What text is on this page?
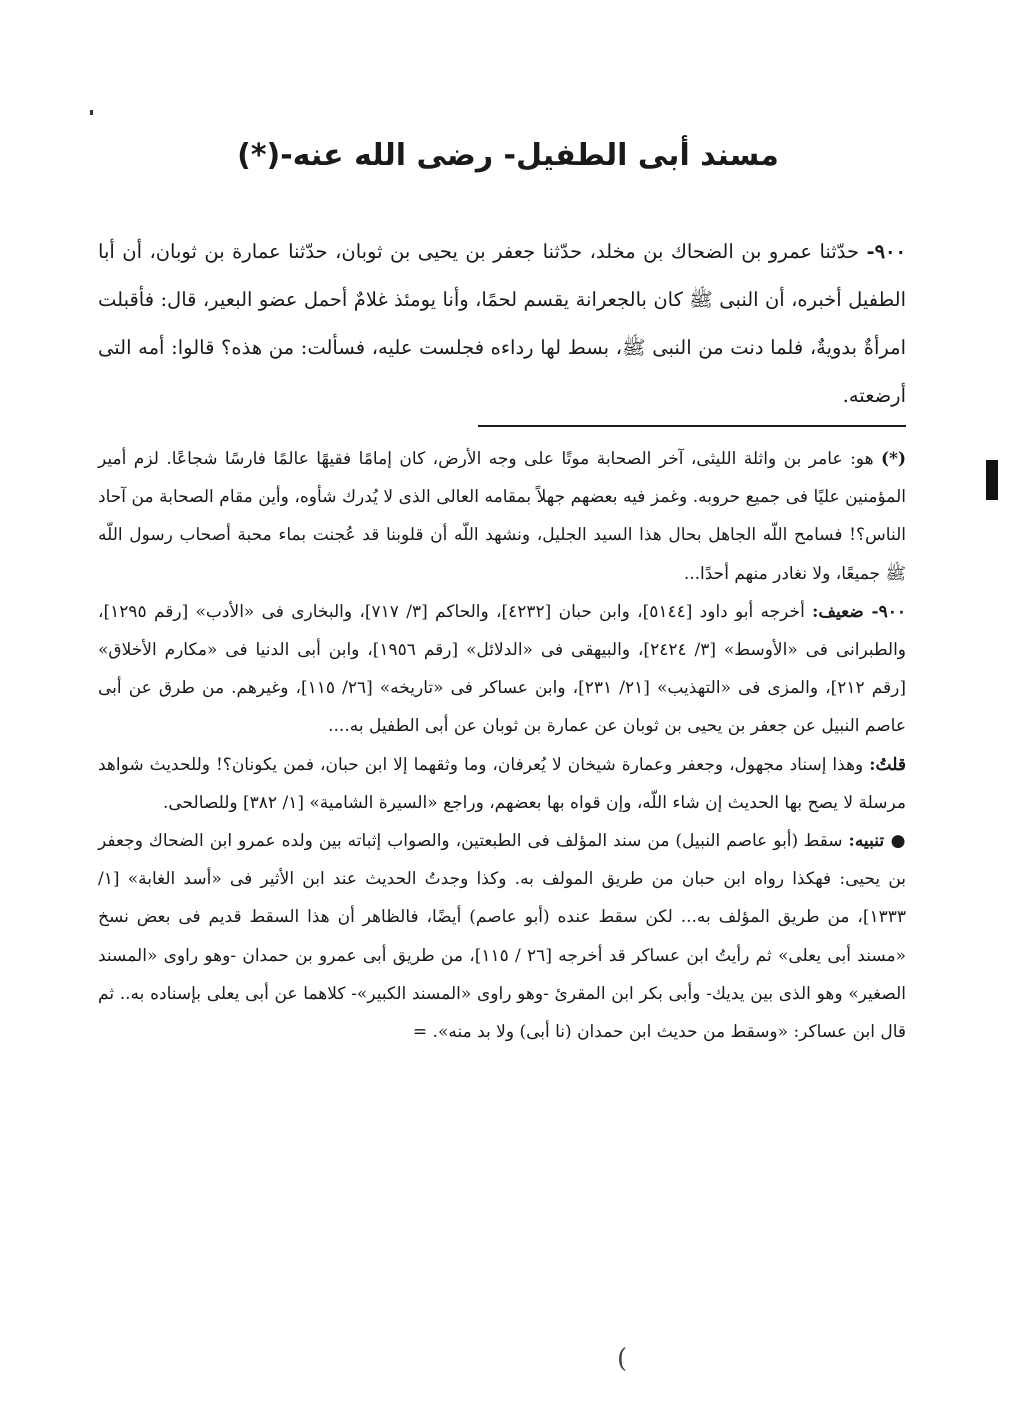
مسند أبى الطفيل- رضى الله عنه-(*)
٩٠٠- حدّثنا عمرو بن الضحاك بن مخلد، حدّثنا جعفر بن يحيى بن ثوبان، حدّثنا عمارة بن ثوبان، أن أبا الطفيل أخبره، أن النبى ﷺ كان بالجعرانة يقسم لحمًا، وأنا يومئذ غلامٌ أحمل عضو البعير، قال: فأقبلت امرأةٌ بدويةٌ، فلما دنت من النبى ﷺ، بسط لها رداءه فجلست عليه، فسألت: من هذه؟ قالوا: أمه التى أرضعته.

(*) هو: عامر بن واثلة الليثى، آخر الصحابة موتًا على وجه الأرض، كان إمامًا فقيهًا عالمًا فارسًا شجاعًا. لزم أمير المؤمنين عليًا فى جميع حروبه. وغمز فيه بعضهم جهلاً بمقامه العالى الذى لا يُدرك شأوه، وأين مقام الصحابة من آحاد الناس؟! فسامح اللّه الجاهل بحال هذا السيد الجليل، ونشهد اللّه أن قلوبنا قد عُجنت بماء محبة أصحاب رسول اللّه ﷺ جميعًا، ولا نغادر منهم أحدًا...

٩٠٠- ضعيف: أخرجه أبو داود [٥١٤٤]، وابن حبان [٤٢٣٢]، والحاكم [٣/ ٧١٧]، والبخارى فى «الأدب» [رقم ١٢٩٥]، والطبرانى فى «الأوسط» [٣/ ٢٤٢٤]، والبيهقى فى «الدلائل» [رقم ١٩٥٦]، وابن أبى الدنيا فى «مكارم الأخلاق» [رقم ٢١٢]، والمزى فى «التهذيب» [٢١/ ٢٣١]، وابن عساكر فى «تاريخه» [٢٦/ ١١٥]، وغيرهم. من طرق عن أبى عاصم النبيل عن جعفر بن يحيى بن ثوبان عن عمارة بن ثوبان عن أبى الطفيل به....

قلتُ: وهذا إسناد مجهول، وجعفر وعمارة شيخان لا يُعرفان، وما وثقهما إلا ابن حبان، فمن يكونان؟! وللحديث شواهد مرسلة لا يصح بها الحديث إن شاء اللّه، وإن قواه بها بعضهم، وراجع «السيرة الشامية» [١/ ٣٨٢] وللصالحى.

● تنبيه: سقط (أبو عاصم النبيل) من سند المؤلف فى الطبعتين، والصواب إثباته بين ولده عمرو ابن الضحاك وجعفر بن يحيى: فهكذا رواه ابن حبان من طريق المولف به. وكذا وجدتُ الحديث عند ابن الأثير فى «أسد الغابة» [١/ ١٣٣٣]، من طريق المؤلف به... لكن سقط عنده (أبو عاصم) أيضًا، فالظاهر أن هذا السقط قديم فى بعض نسخ «مسند أبى يعلى» ثم رأيتُ ابن عساكر قد أخرجه [٢٦ / ١١٥]، من طريق أبى عمرو بن حمدان -وهو راوى «المسند الصغير» وهو الذى بين يديك- وأبى بكر ابن المقرئ -وهو راوى «المسند الكبير»- كلاهما عن أبى يعلى بإسناده به.. ثم قال ابن عساكر: «وسقط من حديث ابن حمدان (نا أبى) ولا بد منه». =

(
